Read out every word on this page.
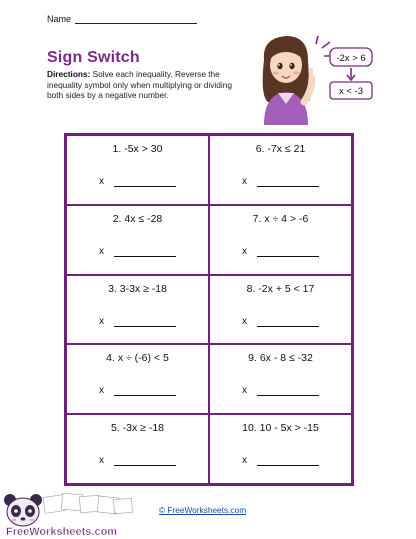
Name
Sign Switch
Directions: Solve each inequality. Reverse the inequality symbol only when multiplying or dividing both sides by a negative number.
-2x > 6
x < -3
1. -5x > 30
x
6. -7x ≤ 21
x
2. 4x ≤ -28
x
7. x ÷ 4 > -6
x
3. 3-3x ≥ -18
x
8. -2x + 5 < 17
x
4. x ÷ (-6) < 5
x
9. 6x - 8 ≤ -32
x
5. -3x ≥ -18
x
10. 10 - 5x > -15
x
FreeWorksheets.com
© FreeWorksheets.com
